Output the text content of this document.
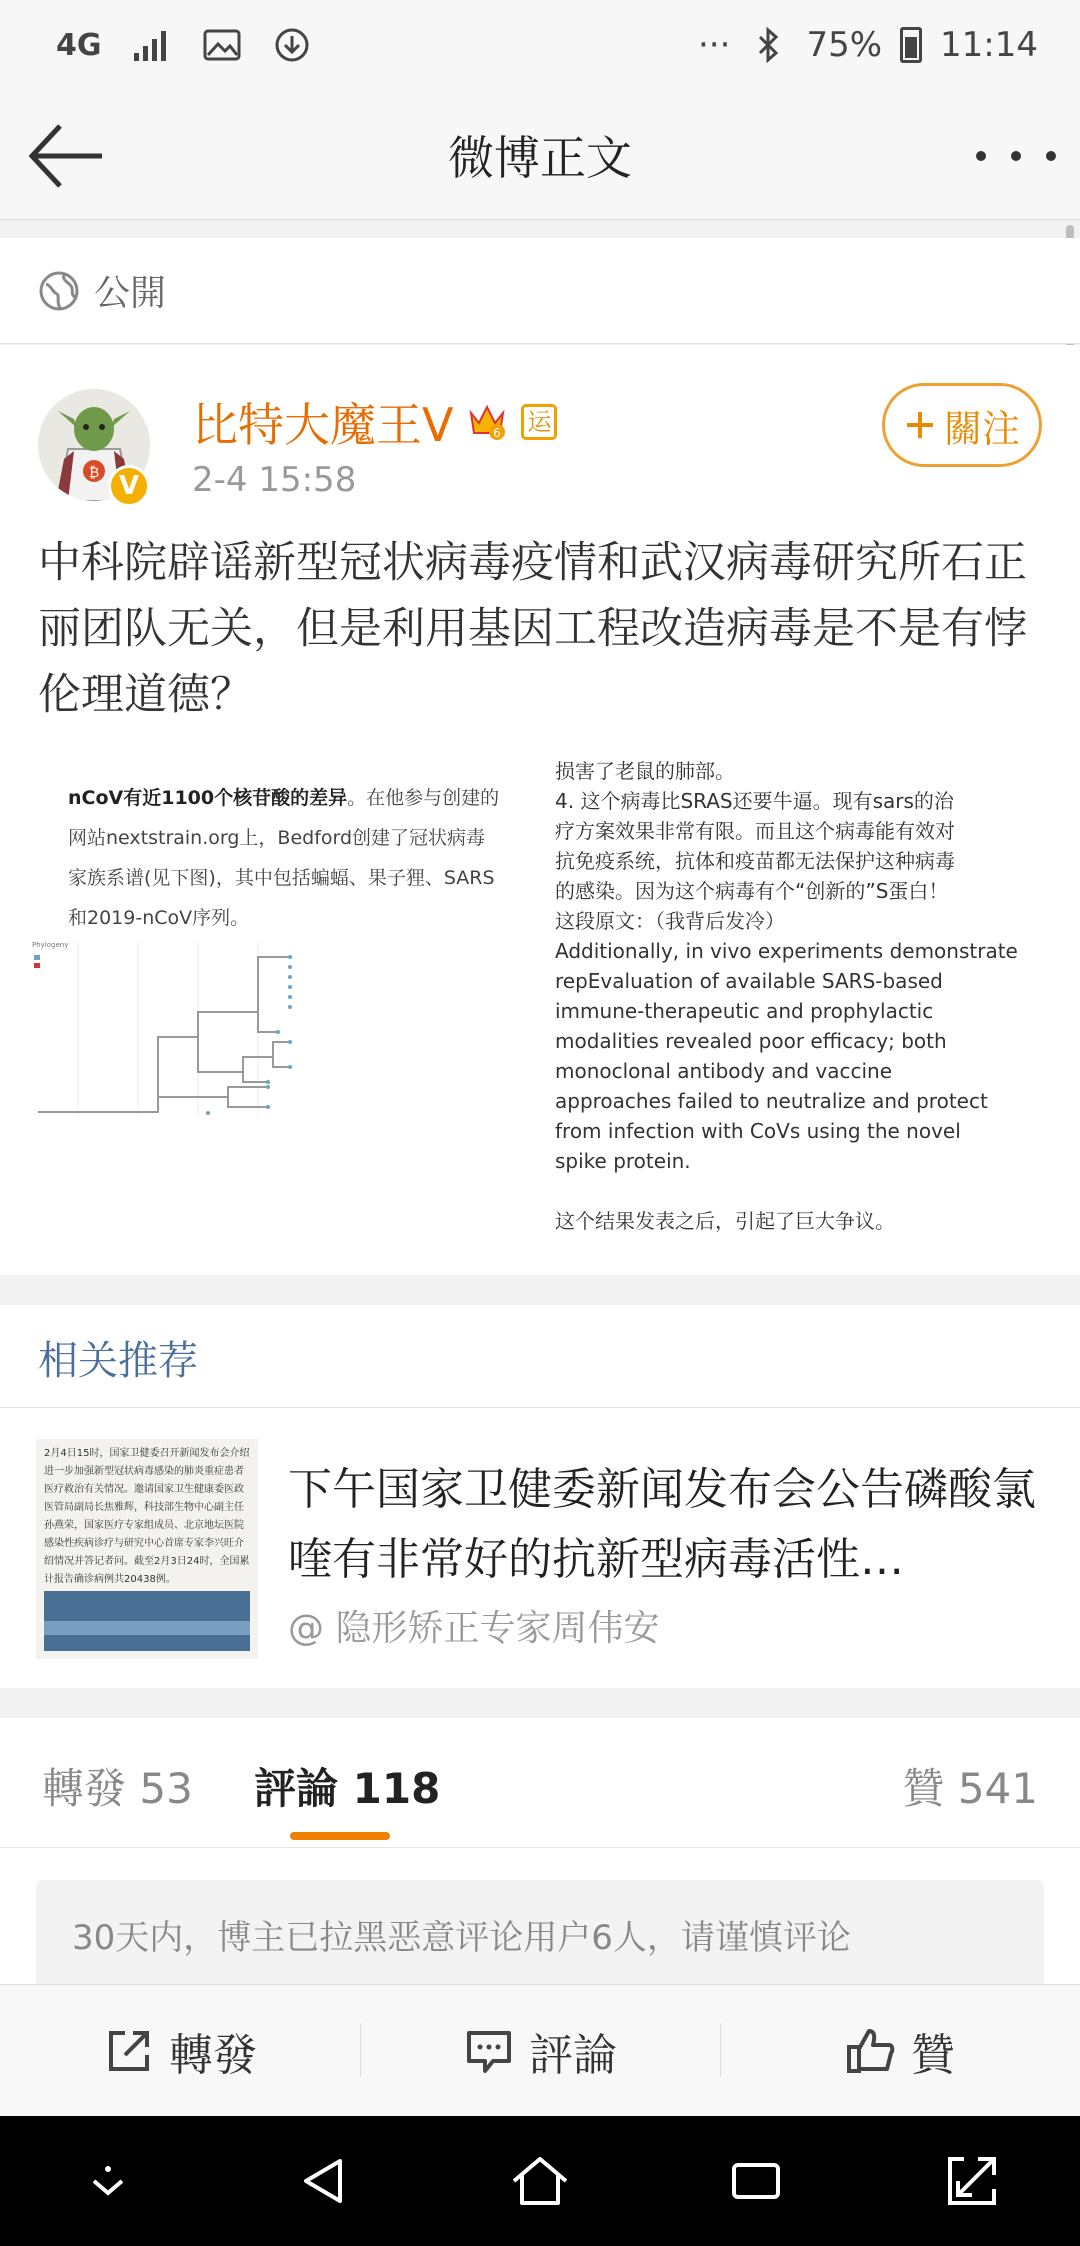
4G	··· 75% 11:14
微博正文
公開
₿ V
比特大魔王V	6 运
2-4 15:58
關注
中科院辟谣新型冠状病毒疫情和武汉病毒研究所石正丽团队无关，但是利用基因工程改造病毒是不是有悖伦理道德？
nCoV有近1100个核苷酸的差异。在他参与创建的网站nextstrain.org上，Bedford创建了冠状病毒家族系谱(见下图)，其中包括蝙蝠、果子狸、SARS和2019-nCoV序列。
Phylogeny
损害了老鼠的肺部。
4. 这个病毒比SRAS还要牛逼。现有sars的治
疗方案效果非常有限。而且这个病毒能有效对
抗免疫系统，抗体和疫苗都无法保护这种病毒
的感染。因为这个病毒有个“创新的”S蛋白！
这段原文：（我背后发冷）
Additionally, in vivo experiments demonstrate
repEvaluation of available SARS-based
immune-therapeutic and prophylactic
modalities revealed poor efficacy; both
monoclonal antibody and vaccine
approaches failed to neutralize and protect
from infection with CoVs using the novel
spike protein.
这个结果发表之后，引起了巨大争议。
相关推荐
2月4日15时，国家卫健委召开新闻发布会介绍进一步加强新型冠状病毒感染的肺炎重症患者医疗救治有关情况。邀请国家卫生健康委医政医管局副局长焦雅辉，科技部生物中心副主任孙燕荣，国家医疗专家组成员、北京地坛医院感染性疾病诊疗与研究中心首席专家李兴旺介绍情况并答记者问。截至2月3日24时，全国累计报告确诊病例共20438例。
下午国家卫健委新闻发布会公告磷酸氯喹有非常好的抗新型病毒活性…
@ 隐形矫正专家周伟安
轉發 53 評論 118	贊 541
30天内，博主已拉黑恶意评论用户6人，请谨慎评论
轉發	評論	贊
